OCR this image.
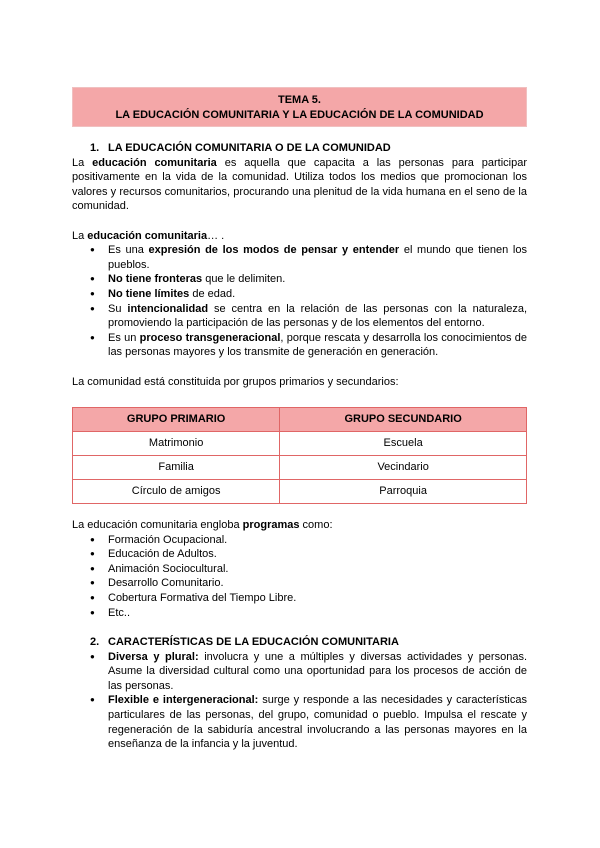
TEMA 5.
LA EDUCACIÓN COMUNITARIA Y LA EDUCACIÓN DE LA COMUNIDAD
1. LA EDUCACIÓN COMUNITARIA O DE LA COMUNIDAD

La educación comunitaria es aquella que capacita a las personas para participar positivamente en la vida de la comunidad. Utiliza todos los medios que promocionan los valores y recursos comunitarios, procurando una plenitud de la vida humana en el seno de la comunidad.

La educación comunitaria… .

● Es una expresión de los modos de pensar y entender el mundo que tienen los pueblos.
● No tiene fronteras que le delimiten.
● No tiene límites de edad.
● Su intencionalidad se centra en la relación de las personas con la naturaleza, promoviendo la participación de las personas y de los elementos del entorno.
● Es un proceso transgeneracional, porque rescata y desarrolla los conocimientos de las personas mayores y los transmite de generación en generación.

La comunidad está constituida por grupos primarios y secundarios:

GRUPO PRIMARIO	GRUPO SECUNDARIO
Matrimonio	Escuela
Familia	Vecindario
Círculo de amigos	Parroquia

La educación comunitaria engloba programas como:

● Formación Ocupacional.
● Educación de Adultos.
● Animación Sociocultural.
● Desarrollo Comunitario.
● Cobertura Formativa del Tiempo Libre.
● Etc..
2. CARACTERÍSTICAS DE LA EDUCACIÓN COMUNITARIA
● Diversa y plural: involucra y une a múltiples y diversas actividades y personas. Asume la diversidad cultural como una oportunidad para los procesos de acción de las personas.
● Flexible e intergeneracional: surge y responde a las necesidades y características particulares de las personas, del grupo, comunidad o pueblo. Impulsa el rescate y regeneración de la sabiduría ancestral involucrando a las personas mayores en la enseñanza de la infancia y la juventud.
